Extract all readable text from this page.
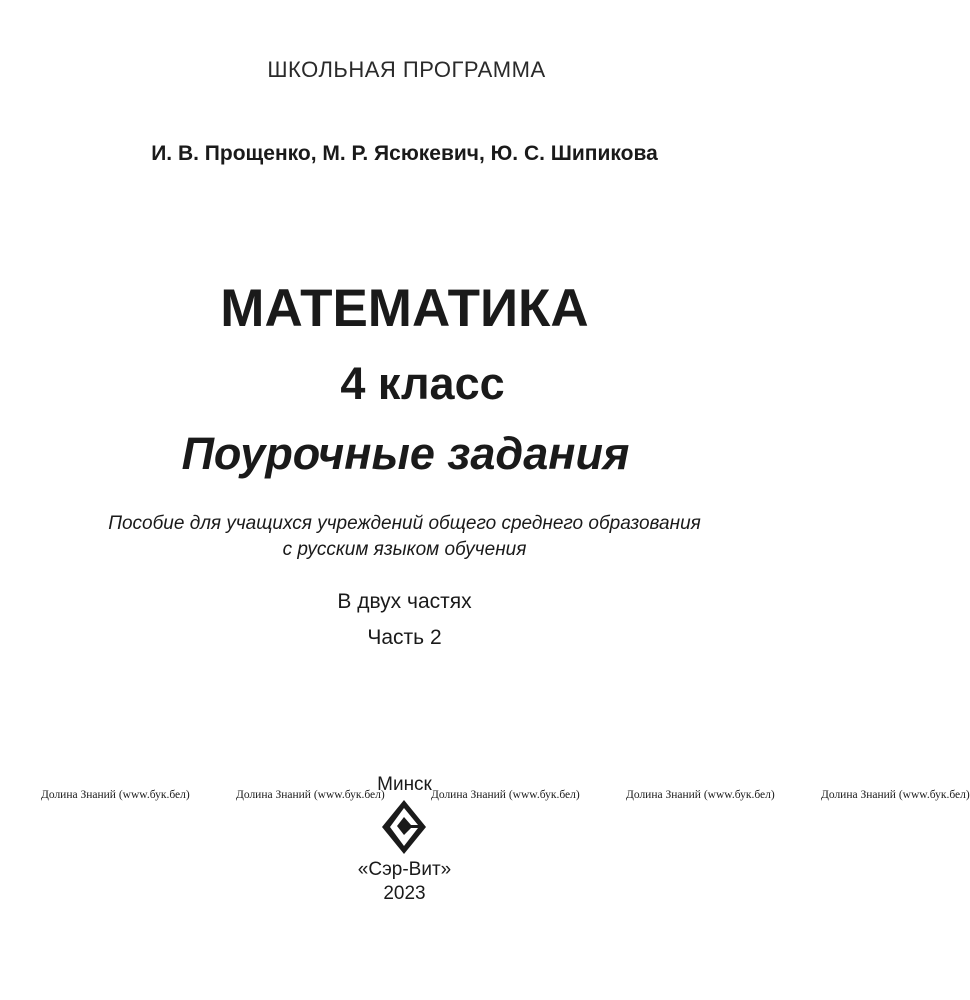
ШКОЛЬНАЯ ПРОГРАММА
И. В. Прощенко, М. Р. Ясюкевич, Ю. С. Шипикова
МАТЕМАТИКА
4 класс
Поурочные задания
Пособие для учащихся учреждений общего среднего образования
с русским языком обучения
В двух частях
Часть 2
Долина Знаний (www.бук.бел)	Долина Знаний (www.бук.бел)	Долина Знаний (www.бук.бел)	Долина Знаний (www.бук.бел)	Долина Знаний (www.бук.бел)
Минск
«Сэр-Вит»
2023
